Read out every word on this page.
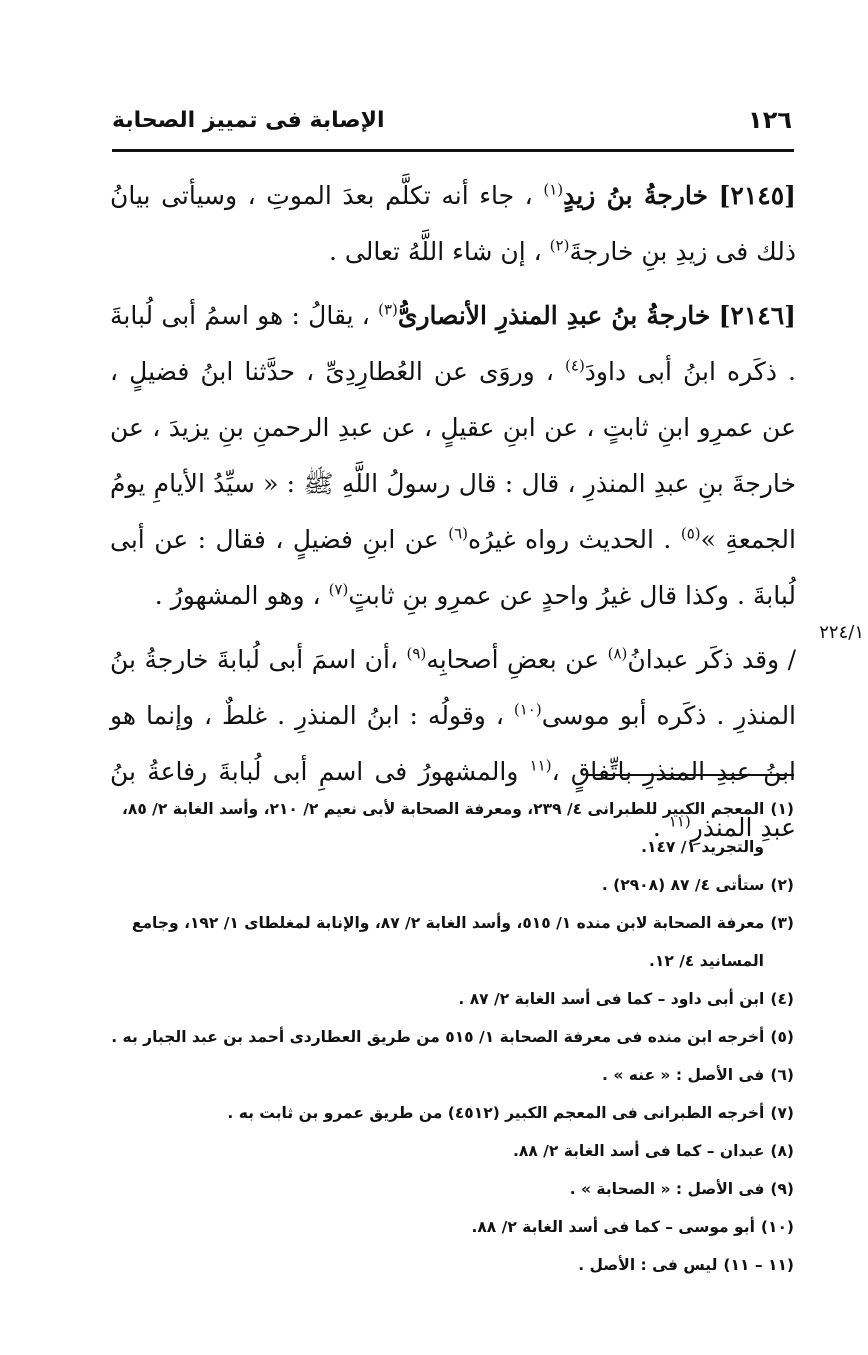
١٢٦
الإصابة فى تمييز الصحابة
٢٢٤/١

[٢١٤٥] خارجةُ بنُ زيدٍ$^{(١)}$ ، جاء أنه تكلَّم بعدَ الموتِ ، وسيأتى بيانُ ذلك فى زيدِ بنِ خارجةَ$^{(٢)}$ ، إن شاء اللَّهُ تعالى .

[٢١٤٦] خارجةُ بنُ عبدِ المنذرِ الأنصارىُّ$^{(٣)}$ ، يقالُ : هو اسمُ أبى لُبابةَ . ذكَره ابنُ أبى داودَ$^{(٤)}$ ، وروَى عن العُطارِدِىِّ ، حدَّثنا ابنُ فضيلٍ ، عن عمرِو ابنِ ثابتٍ ، عن ابنِ عقيلٍ ، عن عبدِ الرحمنِ بنِ يزيدَ ، عن خارجةَ بنِ عبدِ المنذرِ ، قال : قال رسولُ اللَّهِ ﷺ : « سيِّدُ الأيامِ يومُ الجمعةِ »$^{(٥)}$ . الحديث رواه غيرُه$^{(٦)}$ عن ابنِ فضيلٍ ، فقال : عن أبى لُبابةَ . وكذا قال غيرُ واحدٍ عن عمرِو بنِ ثابتٍ$^{(٧)}$ ، وهو المشهورُ .

/ وقد ذكَر عبدانُ$^{(٨)}$ عن بعضِ أصحابِه$^{(٩)}$ ،أن اسمَ أبى لُبابةَ خارجةُ بنُ المنذرِ . ذكَره أبو موسى$^{(١٠)}$ ، وقولُه : ابنُ المنذرِ . غلطٌ ، وإنما هو ابنُ عبدِ المنذرِ باتِّفاقٍ ،$^{(١١}$ والمشهورُ فى اسمِ أبى لُبابةَ رفاعةُ بنُ عبدِ المنذرِ$^{(١١}$ .

(١)المعجم الكبير للطبرانى ٤/ ٢٣٩، ومعرفة الصحابة لأبى نعيم ٢/ ٢١٠، وأسد الغابة ٢/ ٨٥،
والتجريد ١/ ١٤٧.
(٢)ستأتى ٤/ ٨٧ (٢٩٠٨) .
(٣)معرفة الصحابة لابن منده ١/ ٥١٥، وأسد الغابة ٢/ ٨٧، والإنابة لمغلطاى ١/ ١٩٢، وجامع
المسانيد ٤/ ١٢.
(٤)ابن أبى داود – كما فى أسد الغابة ٢/ ٨٧ .
(٥)أخرجه ابن منده فى معرفة الصحابة ١/ ٥١٥ من طريق العطاردى أحمد بن عبد الجبار به .
(٦)فى الأصل : « عنه » .
(٧)أخرجه الطبرانى فى المعجم الكبير (٤٥١٢) من طريق عمرو بن ثابت به .
(٨)عبدان – كما فى أسد الغابة ٢/ ٨٨.
(٩)فى الأصل : « الصحابة » .
(١٠)أبو موسى – كما فى أسد الغابة ٢/ ٨٨.
(١١ – ١١)ليس فى : الأصل .
